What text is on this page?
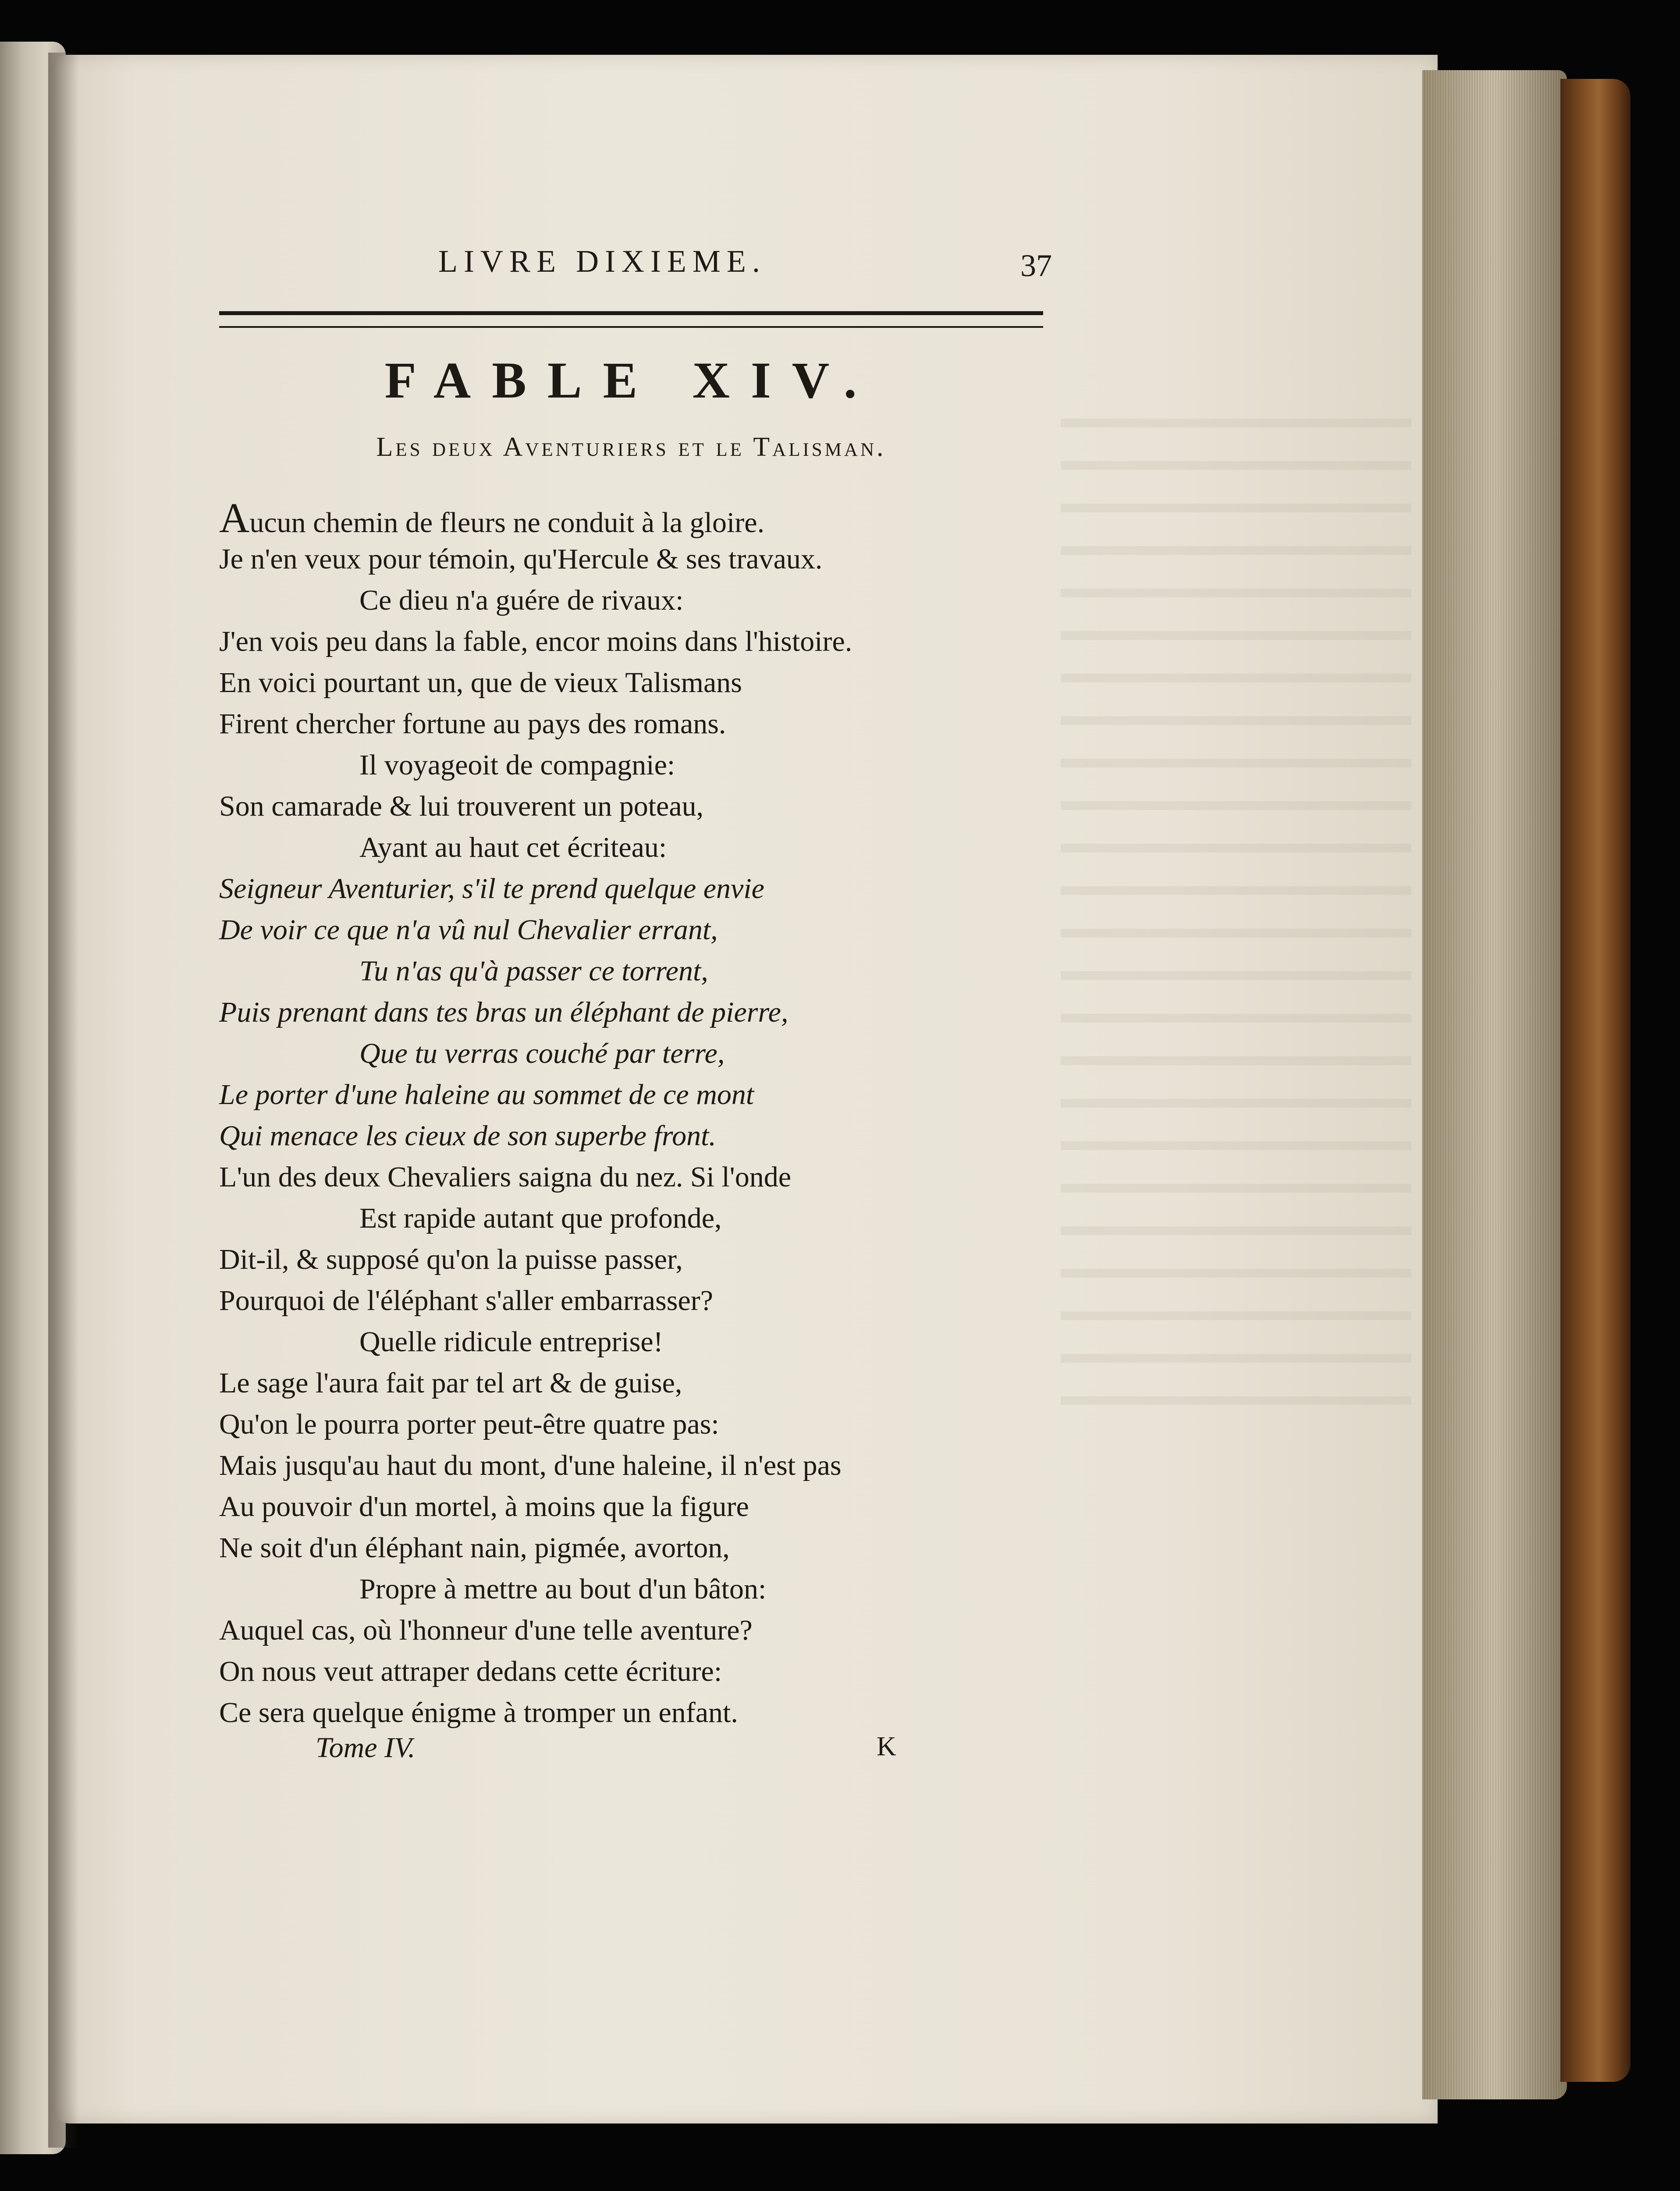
LIVRE DIXIEME.	37
FABLE XIV.
Les deux Aventuriers et le Talisman.
Aucun chemin de fleurs ne conduit à la gloire.
Je n'en veux pour témoin, qu'Hercule & ses travaux.
Ce dieu n'a guére de rivaux:
J'en vois peu dans la fable, encor moins dans l'histoire.
En voici pourtant un, que de vieux Talismans
Firent chercher fortune au pays des romans.
Il voyageoit de compagnie:
Son camarade & lui trouverent un poteau,
Ayant au haut cet écriteau:
Seigneur Aventurier, s'il te prend quelque envie
De voir ce que n'a vû nul Chevalier errant,
Tu n'as qu'à passer ce torrent,
Puis prenant dans tes bras un éléphant de pierre,
Que tu verras couché par terre,
Le porter d'une haleine au sommet de ce mont
Qui menace les cieux de son superbe front.
L'un des deux Chevaliers saigna du nez. Si l'onde
Est rapide autant que profonde,
Dit-il, & supposé qu'on la puisse passer,
Pourquoi de l'éléphant s'aller embarrasser?
Quelle ridicule entreprise!
Le sage l'aura fait par tel art & de guise,
Qu'on le pourra porter peut-être quatre pas:
Mais jusqu'au haut du mont, d'une haleine, il n'est pas
Au pouvoir d'un mortel, à moins que la figure
Ne soit d'un éléphant nain, pigmée, avorton,
Propre à mettre au bout d'un bâton:
Auquel cas, où l'honneur d'une telle aventure?
On nous veut attraper dedans cette écriture:
Ce sera quelque énigme à tromper un enfant.
Tome IV.	K
